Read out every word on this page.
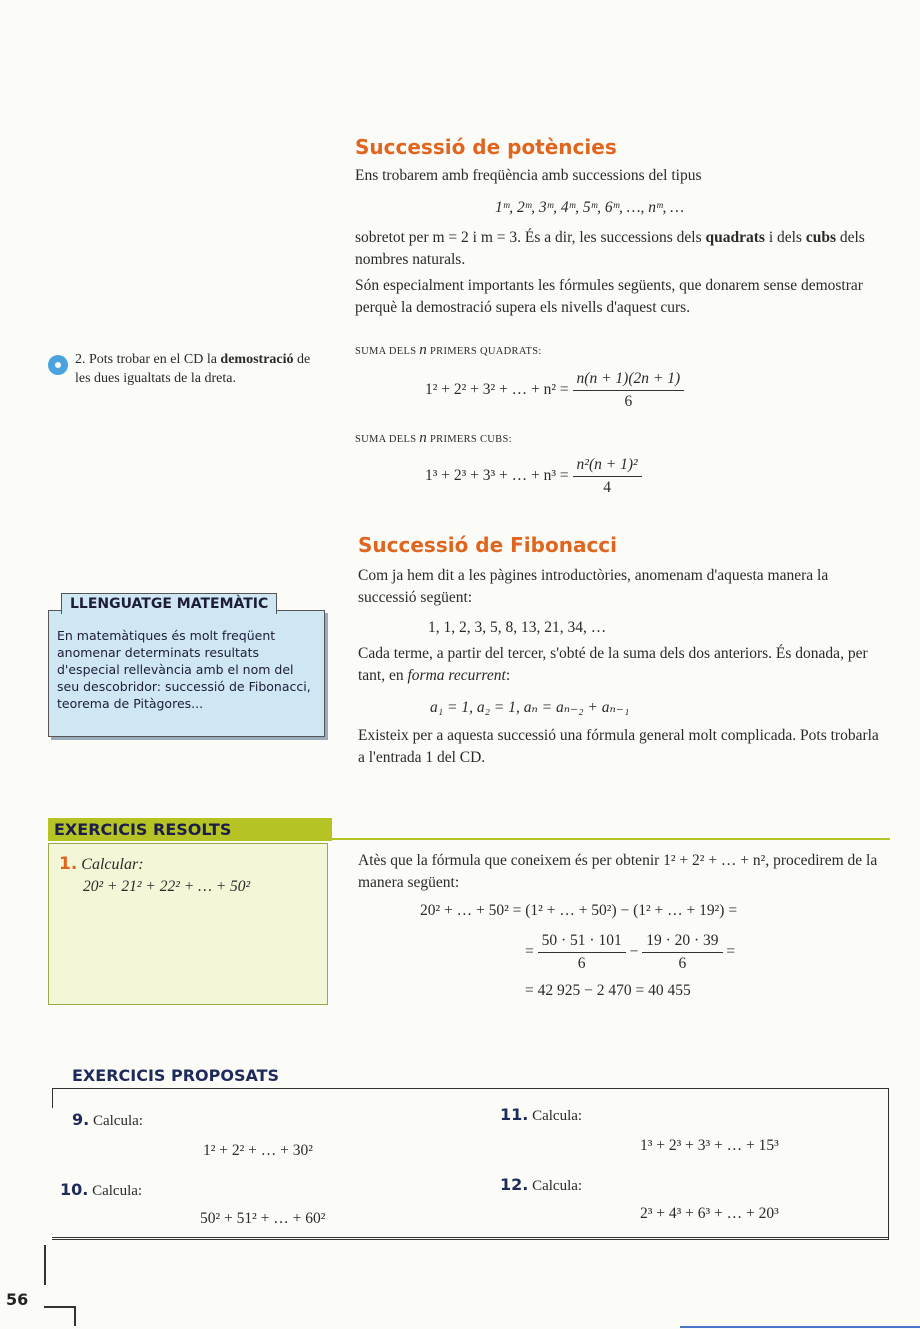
Successió de potències
Ens trobarem amb freqüència amb successions del tipus
1ᵐ, 2ᵐ, 3ᵐ, 4ᵐ, 5ᵐ, 6ᵐ, …, nᵐ, …
sobretot per m = 2 i m = 3. És a dir, les successions dels quadrats i dels cubs dels nombres naturals.
Són especialment importants les fórmules següents, que donarem sense demostrar perquè la demostració supera els nivells d'aquest curs.
SUMA DELS n PRIMERS QUADRATS:
1² + 2² + 3² + … + $n^2 = \frac{n(n + 1)(2n + 1)}{6}$
SUMA DELS n PRIMERS CUBS:
1³ + 2³ + 3³ + … + $n^3 = \frac{\text{n²(n + 1)²}}{4}$
2. Pots trobar en el CD la demostració de les dues igualtats de la dreta.
LLENGUATGE MATEMÀTIC
En matemàtiques és molt freqüent anomenar determinats resultats d'especial rellevància amb el nom del seu descobridor: successió de Fibonacci, teorema de Pitàgores...
Successió de Fibonacci
Com ja hem dit a les pàgines introductòries, anomenam d'aquesta manera la successió següent:
1, 1, 2, 3, 5, 8, 13, 21, 34, …
Cada terme, a partir del tercer, s'obté de la suma dels dos anteriors. És donada, per tant, en forma recurrent:
a₁ = 1, a₂ = 1, aₙ = aₙ₋₂ + aₙ₋₁
Existeix per a aquesta successió una fórmula general molt complicada. Pots trobarla a l'entrada 1 del CD.
EXERCICIS RESOLTS
1. Calcular:
20² + 21² + 22² + … + 50²
Atès que la fórmula que coneixem és per obtenir 1² + 2² + … + n², procedirem de la manera següent:
20² + … + 50² = (1² + … + 50²) − (1² + … + 19²) =
= $\frac{50 \cdot 51 \cdot 101}{6} - \frac{19 \cdot 20 \cdot 39}{6}$ =
= 42 925 − 2 470 = 40 455
EXERCICIS PROPOSATS
9. Calcula:
1² + 2² + … + 30²
10. Calcula:
50² + 51² + … + 60²
11. Calcula:
1³ + 2³ + 3³ + … + 15³
12. Calcula:
2³ + 4³ + 6³ + … + 20³
56
